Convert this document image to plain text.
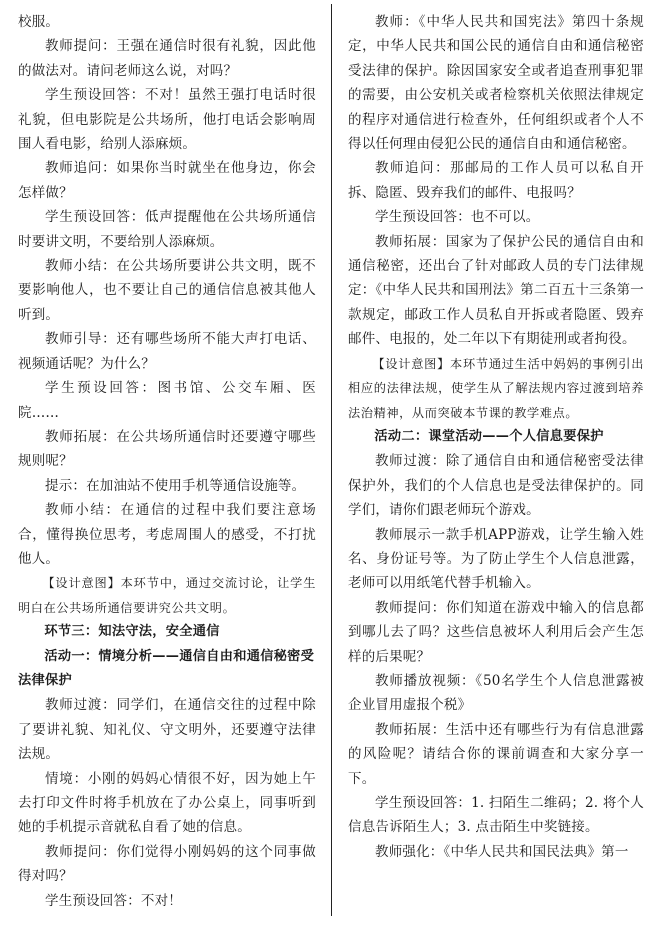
校服。

教师提问：王强在通信时很有礼貌，因此他的做法对。请问老师这么说，对吗？

学生预设回答：不对！虽然王强打电话时很礼貌，但电影院是公共场所，他打电话会影响周围人看电影，给别人添麻烦。

教师追问：如果你当时就坐在他身边，你会怎样做？

学生预设回答：低声提醒他在公共场所通信时要讲文明，不要给别人添麻烦。

教师小结：在公共场所要讲公共文明，既不要影响他人，也不要让自己的通信信息被其他人听到。

教师引导：还有哪些场所不能大声打电话、视频通话呢？为什么？

学生预设回答：图书馆、公交车厢、医院……

教师拓展：在公共场所通信时还要遵守哪些规则呢？

提示：在加油站不使用手机等通信设施等。

教师小结：在通信的过程中我们要注意场合，懂得换位思考，考虑周围人的感受，不打扰他人。

【设计意图】本环节中，通过交流讨论，让学生明白在公共场所通信要讲究公共文明。

环节三：知法守法，安全通信

活动一：情境分析——通信自由和通信秘密受法律保护

教师过渡：同学们，在通信交往的过程中除了要讲礼貌、知礼仪、守文明外，还要遵守法律法规。

情境：小刚的妈妈心情很不好，因为她上午去打印文件时将手机放在了办公桌上，同事听到她的手机提示音就私自看了她的信息。

教师提问：你们觉得小刚妈妈的这个同事做得对吗？

学生预设回答：不对！

教师：《中华人民共和国宪法》第四十条规定，中华人民共和国公民的通信自由和通信秘密受法律的保护。除因国家安全或者追查刑事犯罪的需要，由公安机关或者检察机关依照法律规定的程序对通信进行检查外，任何组织或者个人不得以任何理由侵犯公民的通信自由和通信秘密。

教师追问：那邮局的工作人员可以私自开拆、隐匿、毁弃我们的邮件、电报吗？

学生预设回答：也不可以。

教师拓展：国家为了保护公民的通信自由和通信秘密，还出台了针对邮政人员的专门法律规定：《中华人民共和国刑法》第二百五十三条第一款规定，邮政工作人员私自开拆或者隐匿、毁弃邮件、电报的，处二年以下有期徒刑或者拘役。

【设计意图】本环节通过生活中妈妈的事例引出相应的法律法规，使学生从了解法规内容过渡到培养法治精神，从而突破本节课的教学难点。

活动二：课堂活动——个人信息要保护

教师过渡：除了通信自由和通信秘密受法律保护外，我们的个人信息也是受法律保护的。同学们，请你们跟老师玩个游戏。

教师展示一款手机APP游戏，让学生输入姓名、身份证号等。为了防止学生个人信息泄露，老师可以用纸笔代替手机输入。

教师提问：你们知道在游戏中输入的信息都到哪儿去了吗？这些信息被坏人利用后会产生怎样的后果呢？

教师播放视频：《50名学生个人信息泄露被企业冒用虚报个税》

教师拓展：生活中还有哪些行为有信息泄露的风险呢？请结合你的课前调查和大家分享一下。

学生预设回答：1. 扫陌生二维码；2. 将个人信息告诉陌生人；3. 点击陌生中奖链接。

教师强化：《中华人民共和国民法典》第一
